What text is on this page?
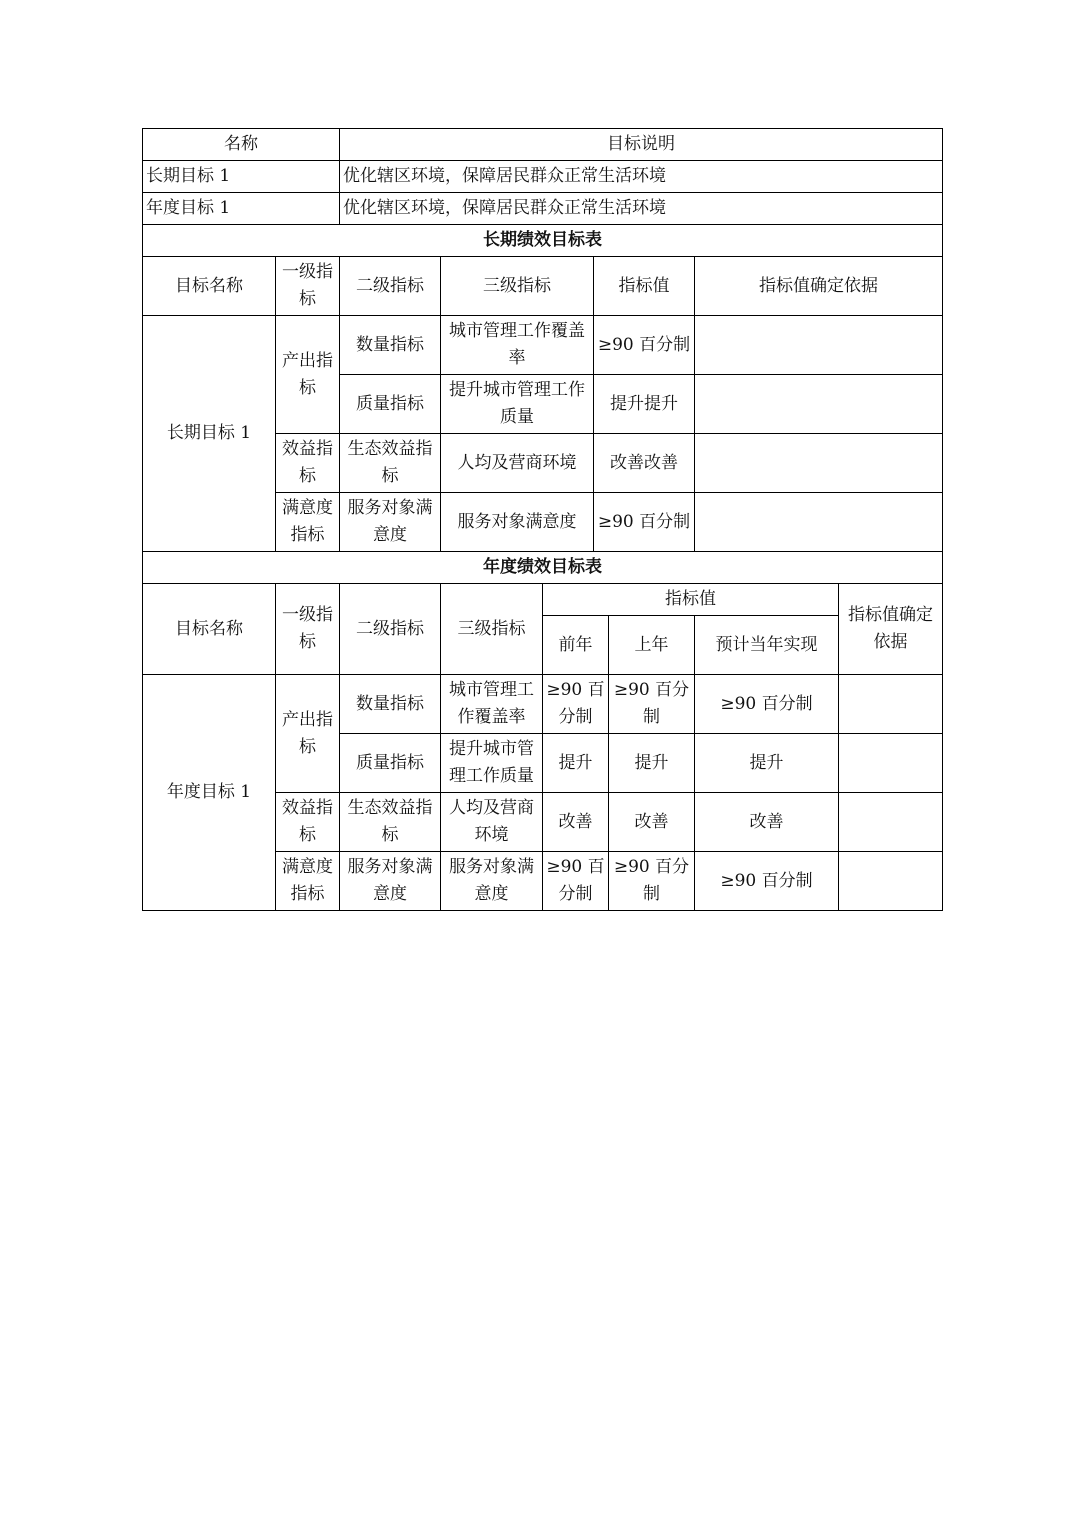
名称	目标说明
长期目标 1	优化辖区环境，保障居民群众正常生活环境
年度目标 1	优化辖区环境，保障居民群众正常生活环境
长期绩效目标表					
目标名称	一级指标	二级指标	三级指标	指标值	指标值确定依据
长期目标 1	产出指标	数量指标	城市管理工作覆盖率	≥90 百分制	
		质量指标	提升城市管理工作质量	提升提升	
	效益指标	生态效益指标	人均及营商环境	改善改善	
	满意度指标	服务对象满意度	服务对象满意度	≥90 百分制	
年度绩效目标表							
目标名称	一级指标	二级指标	三级指标	指标值			指标值确定依据
				前年	上年	预计当年实现	
年度目标 1	产出指标	数量指标	城市管理工作覆盖率	≥90 百分制	≥90 百分制	≥90 百分制	
		质量指标	提升城市管理工作质量	提升	提升	提升	
	效益指标	生态效益指标	人均及营商环境	改善	改善	改善	
	满意度指标	服务对象满意度	服务对象满意度	≥90 百分制	≥90 百分制	≥90 百分制	
